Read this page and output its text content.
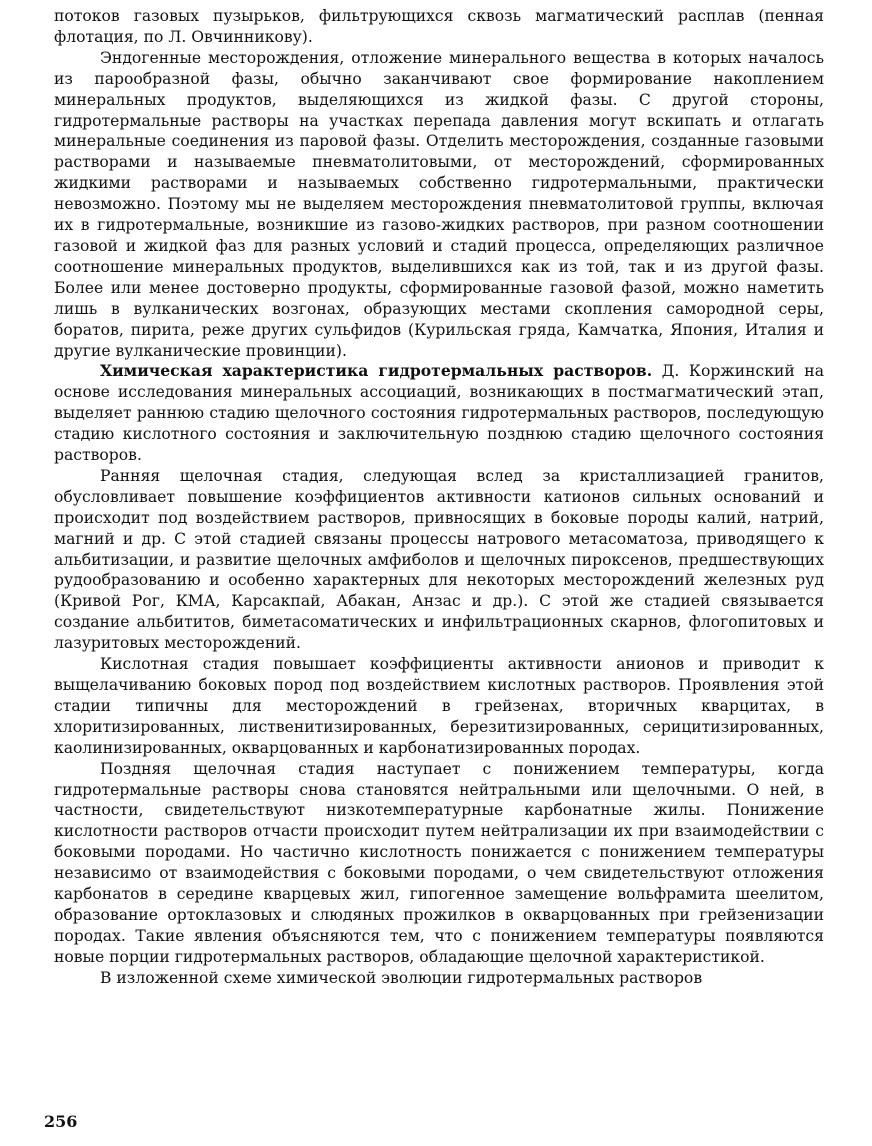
потоков газовых пузырьков, фильтрующихся сквозь магматический расплав (пенная флотация, по Л. Овчинникову).

Эндогенные месторождения, отложение минерального вещества в которых началось из парообразной фазы, обычно заканчивают свое формирование накоплением минеральных продуктов, выделяющихся из жидкой фазы. С другой стороны, гидротермальные растворы на участках перепада давления могут вскипать и отлагать минеральные соединения из паровой фазы. Отделить месторождения, созданные газовыми растворами и называемые пневматолитовыми, от месторождений, сформированных жидкими растворами и называемых собственно гидротермальными, практически невозможно. Поэтому мы не выделяем месторождения пневматолитовой группы, включая их в гидротермальные, возникшие из газово-жидких растворов, при разном соотношении газовой и жидкой фаз для разных условий и стадий процесса, определяющих различное соотношение минеральных продуктов, выделившихся как из той, так и из другой фазы. Более или менее достоверно продукты, сформированные газовой фазой, можно наметить лишь в вулканических возгонах, образующих местами скопления самородной серы, боратов, пирита, реже других сульфидов (Курильская гряда, Камчатка, Япония, Италия и другие вулканические провинции).

Химическая характеристика гидротермальных растворов. Д. Коржинский на основе исследования минеральных ассоциаций, возникающих в постмагматический этап, выделяет раннюю стадию щелочного состояния гидротермальных растворов, последующую стадию кислотного состояния и заключительную позднюю стадию щелочного состояния растворов.

Ранняя щелочная стадия, следующая вслед за кристаллизацией гранитов, обусловливает повышение коэффициентов активности катионов сильных оснований и происходит под воздействием растворов, привносящих в боковые породы калий, натрий, магний и др. С этой стадией связаны процессы натрового метасоматоза, приводящего к альбитизации, и развитие щелочных амфиболов и щелочных пироксенов, предшествующих рудообразованию и особенно характерных для некоторых месторождений железных руд (Кривой Рог, КМА, Карсакпай, Абакан, Анзас и др.). С этой же стадией связывается создание альбититов, биметасоматических и инфильтрационных скарнов, флогопитовых и лазуритовых месторождений.

Кислотная стадия повышает коэффициенты активности анионов и приводит к выщелачиванию боковых пород под воздействием кислотных растворов. Проявления этой стадии типичны для месторождений в грейзенах, вторичных кварцитах, в хлоритизированных, лиственитизированных, березитизированных, серицитизированных, каолинизированных, окварцованных и карбонатизированных породах.

Поздняя щелочная стадия наступает с понижением температуры, когда гидротермальные растворы снова становятся нейтральными или щелочными. О ней, в частности, свидетельствуют низкотемпературные карбонатные жилы. Понижение кислотности растворов отчасти происходит путем нейтрализации их при взаимодействии с боковыми породами. Но частично кислотность понижается с понижением температуры независимо от взаимодействия с боковыми породами, о чем свидетельствуют отложения карбонатов в середине кварцевых жил, гипогенное замещение вольфрамита шеелитом, образование ортоклазовых и слюдяных прожилков в окварцованных при грейзенизации породах. Такие явления объясняются тем, что с понижением температуры появляются новые порции гидротермальных растворов, обладающие щелочной характеристикой.

В изложенной схеме химической эволюции гидротермальных растворов

256
